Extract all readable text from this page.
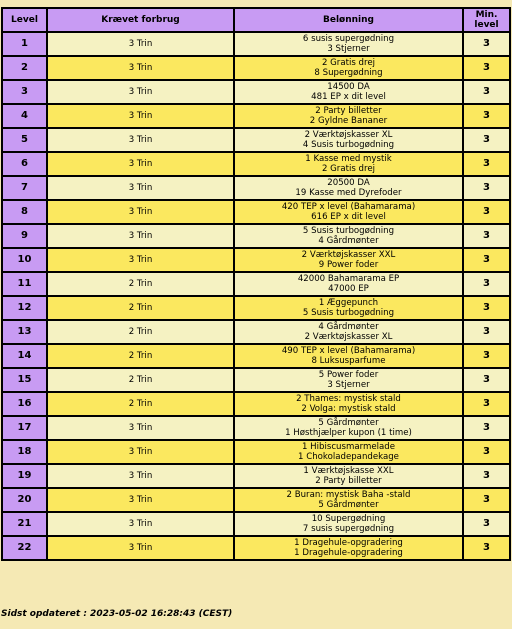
Level	Krævet forbrug	Belønning	Min.
level

1	3 Trin	6 susis supergødning
3 Stjerner	3
2	3 Trin	2 Gratis drej
8 Supergødning	3
3	3 Trin	14500 DA
481 EP x dit level	3
4	3 Trin	2 Party billetter
2 Gyldne Bananer	3
5	3 Trin	2 Værktøjskasser XL
4 Susis turbogødning	3
6	3 Trin	1 Kasse med mystik
2 Gratis drej	3
7	3 Trin	20500 DA
19 Kasse med Dyrefoder	3
8	3 Trin	420 TEP x level (Bahamarama)
616 EP x dit level	3
9	3 Trin	5 Susis turbogødning
4 Gårdmønter	3
10	3 Trin	2 Værktøjskasser XXL
9 Power foder	3
11	2 Trin	42000 Bahamarama EP
47000 EP	3
12	2 Trin	1 Æggepunch
5 Susis turbogødning	3
13	2 Trin	4 Gårdmønter
2 Værktøjskasser XL	3
14	2 Trin	490 TEP x level (Bahamarama)
8 Luksusparfume	3
15	2 Trin	5 Power foder
3 Stjerner	3
16	2 Trin	2 Thames: mystisk stald
2 Volga: mystisk stald	3
17	3 Trin	5 Gårdmønter
1 Høsthjælper kupon (1 time)	3
18	3 Trin	1 Hibiscusmarmelade
1 Chokoladepandekage	3
19	3 Trin	1 Værktøjskasse XXL
2 Party billetter	3
20	3 Trin	2 Buran: mystisk Baha -stald
5 Gårdmønter	3
21	3 Trin	10 Supergødning
7 susis supergødning	3
22	3 Trin	1 Dragehule-opgradering
1 Dragehule-opgradering	3
Sidst opdateret : 2023-05-02 16:28:43 (CEST)
